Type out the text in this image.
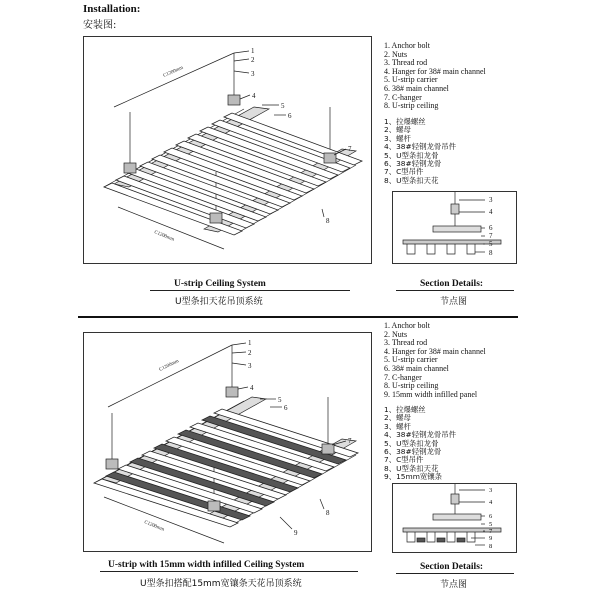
Installation:
安装图:
C1200mm
C1200mm
1
2
3
4
5
6
7
8
U-strip Ceiling System
U型条扣天花吊顶系统
1. Anchor bolt
2. Nuts
3. Thread rod
4. Hanger for 38# main channel
5. U-strip carrier
6. 38# main channel
7. C-hanger
8. U-strip ceiling
1、拉爆螺丝
2、螺母
3、螺杆
4、38#轻钢龙骨吊件
5、U型条扣龙骨
6、38#轻钢龙骨
7、C型吊件
8、U型条扣天花
3
4
6
7
5
8
Section Details:
节点图
C1200mm
C1200mm
1
2
3
4
5
6
7
8
9
U-strip with 15mm width infilled Ceiling System
U型条扣搭配15mm宽镶条天花吊顶系统
1. Anchor bolt
2. Nuts
3. Thread rod
4. Hanger for 38# main channel
5. U-strip carrier
6. 38# main channel
7. C-hanger
8. U-strip ceiling
9. 15mm width infilled panel
1、拉爆螺丝
2、螺母
3、螺杆
4、38#轻钢龙骨吊件
5、U型条扣龙骨
6、38#轻钢龙骨
7、C型吊件
8、U型条扣天花
9、15mm宽镶条
3
4
6
5
7
9
8
Section Details:
节点图
